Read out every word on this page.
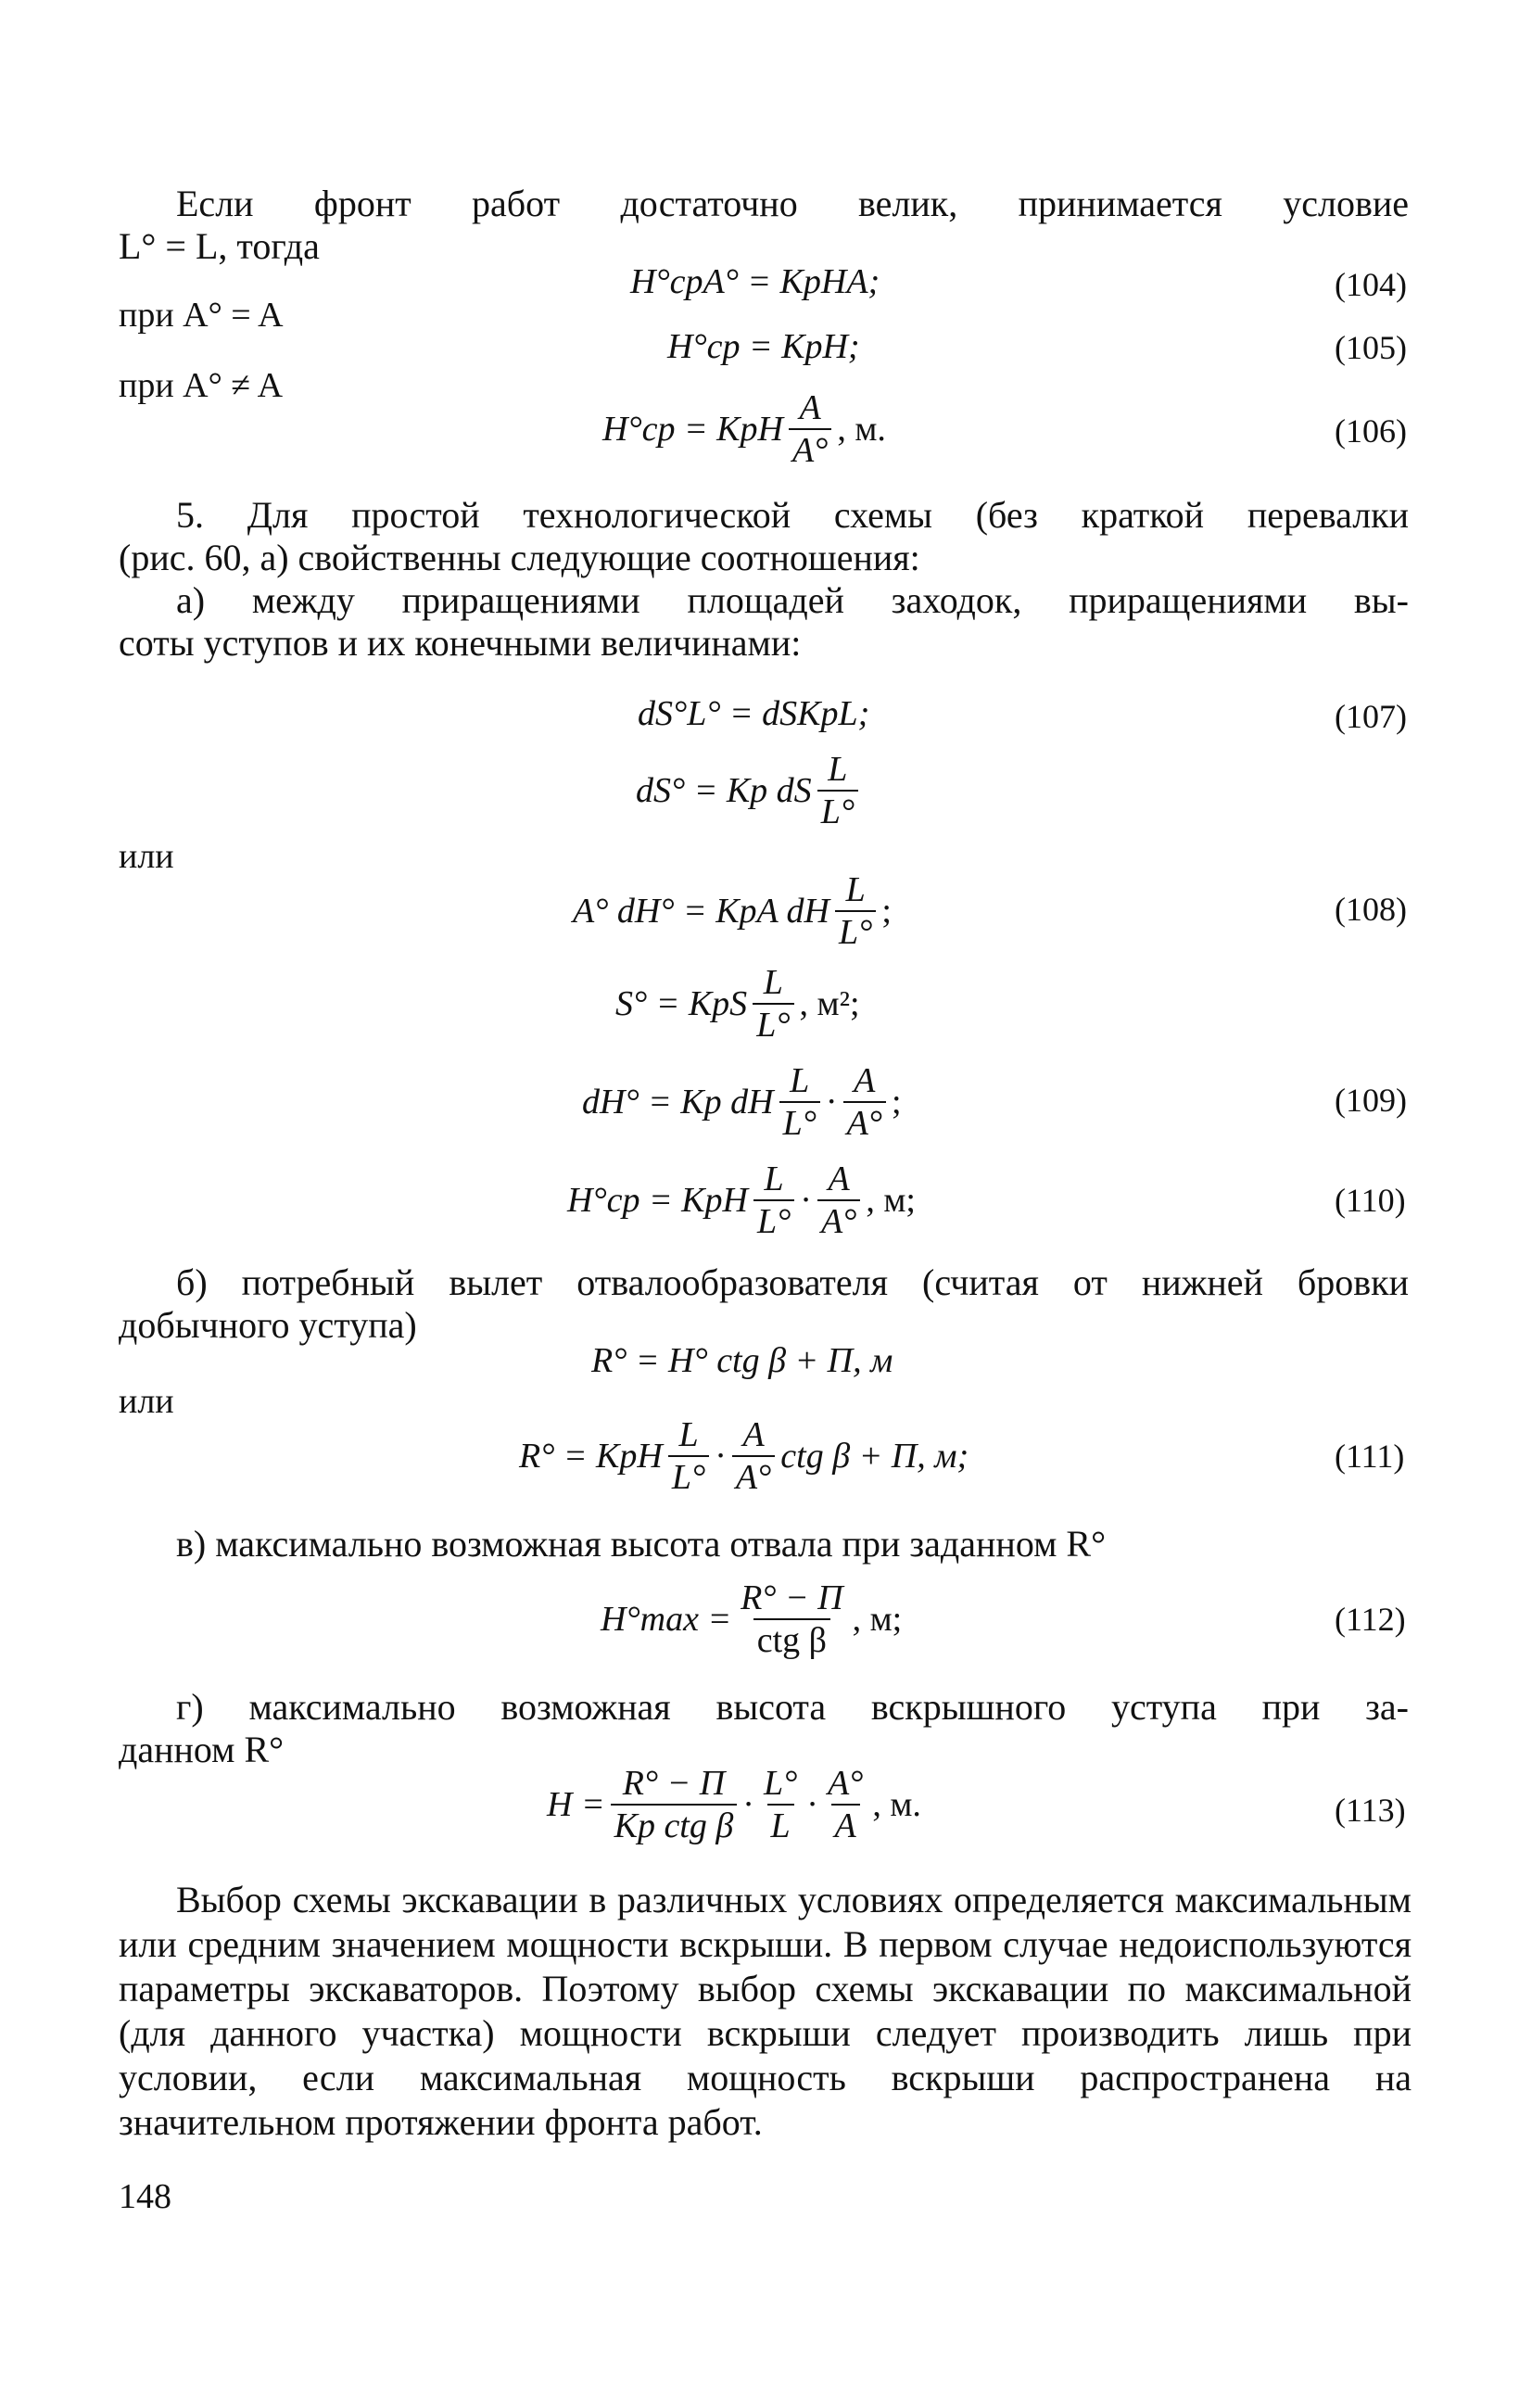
Если фронт работ достаточно велик, принимается условие
L° = L, тогда
H°срA° = KрHA;	(104)
при A° = A
H°ср = KрH;	(105)
при A° ≠ A
H°ср = KрH $\frac{A}{A^\circ}$ , м.	(106)
5. Для простой технологической схемы (без краткой перевалки
(рис. 60, а) свойственны следующие соотношения:
а) между приращениями площадей заходок, приращениями вы-
соты уступов и их конечными величинами:
dS°L° = dSKрL;	(107)
dS° = Kр dS $\frac{L}{L^\circ}$
или
A° dH° = KрA dH $\frac{L}{L^\circ}$ ;	(108)
S° = KрS $\frac{L}{L^\circ}$ , м²;
dH° = Kр dH $\frac{L}{L^\circ} \cdot \frac{A}{A^\circ}$ ;	(109)
H°ср = KрH $\frac{L}{L^\circ} \cdot \frac{A}{A^\circ}$ , м;	(110)
б) потребный вылет отвалообразователя (считая от нижней бровки
добычного уступа)
R° = H° ctg β + П, м
или
R° = KрH $\frac{L}{L^\circ} \cdot \frac{A}{A^\circ}$ ctg β + П, м;	(111)
в) максимально возможная высота отвала при заданном R°
H°max =
R° − П
ctg β
, м;	(112)
г) максимально возможная высота вскрышного уступа при за-
данном R°
H =
R° − П
Kр ctg β
· $\frac{L^\circ}{L} \cdot \frac{A^\circ}{A}$ , м.	(113)
Выбор схемы экскавации в различных условиях определяется максимальным или средним значением мощности вскрыши. В первом случае недоиспользуются параметры экскаваторов. Поэтому выбор схемы экскавации по максимальной (для данного участка) мощности вскрыши следует производить лишь при условии, если максимальная мощность вскрыши распространена на значительном протяжении фронта работ.
148
